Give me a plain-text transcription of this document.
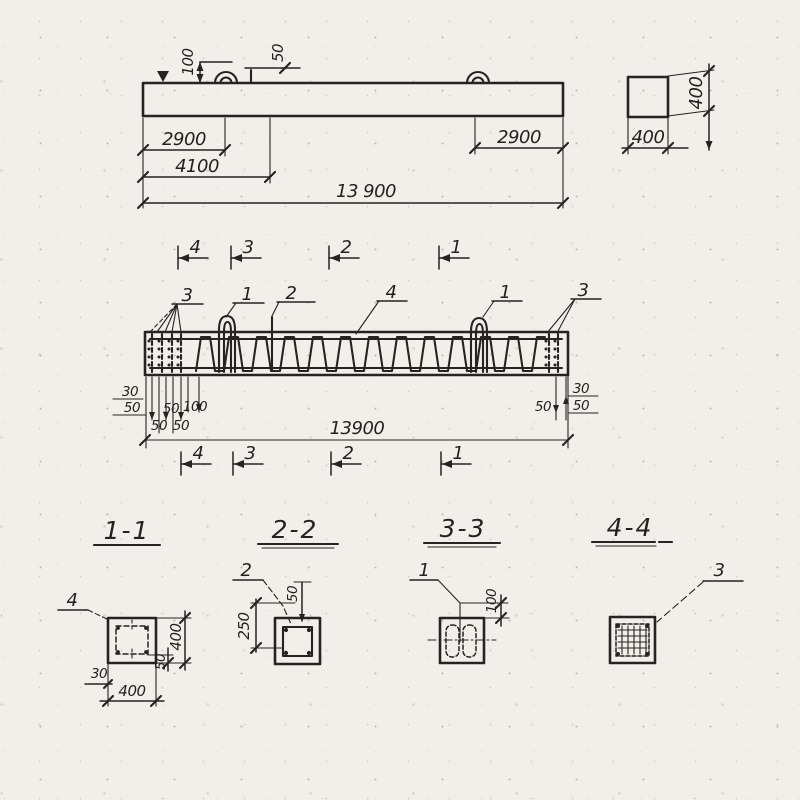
100	50
2900
4100
13 900
2900	400
400
4 3	2	1
3	1 2	4	1	3
30
50 50 100
50 50
30
50 50
13900
4 3	2	1
1-1
4
30
400
50
400
2-2
2
50
250
3-3
1
100
4-4
3
